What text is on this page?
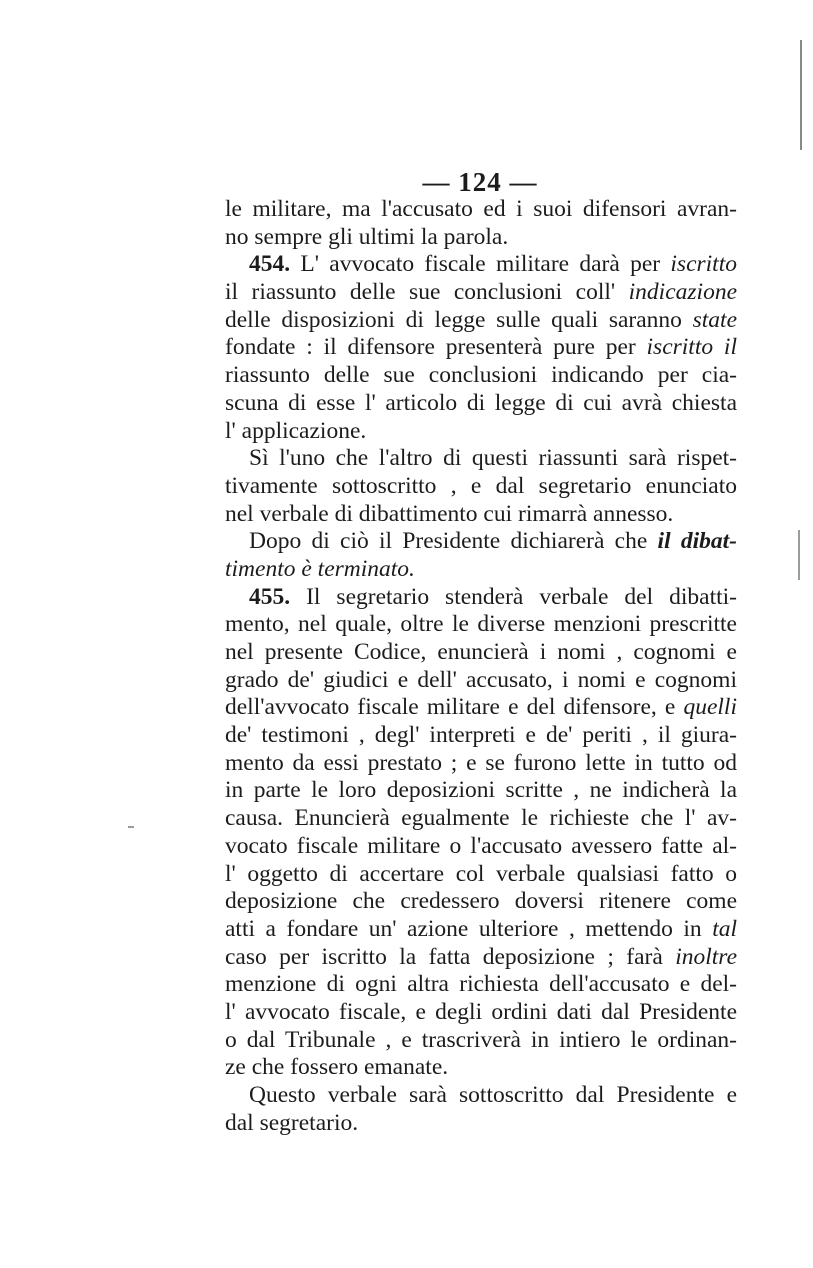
— 124 —
le militare, ma l'accusato ed i suoi difensori avran-
no sempre gli ultimi la parola.
454. L' avvocato fiscale militare darà per iscritto
il riassunto delle sue conclusioni coll' indicazione
delle disposizioni di legge sulle quali saranno state
fondate : il difensore presenterà pure per iscritto il
riassunto delle sue conclusioni indicando per cia-
scuna di esse l' articolo di legge di cui avrà chiesta
l' applicazione.
Sì l'uno che l'altro di questi riassunti sarà rispet-
tivamente sottoscritto , e dal segretario enunciato
nel verbale di dibattimento cui rimarrà annesso.
Dopo di ciò il Presidente dichiarerà che il dibat-
timento è terminato.
455. Il segretario stenderà verbale del dibatti-
mento, nel quale, oltre le diverse menzioni prescritte
nel presente Codice, enuncierà i nomi , cognomi e
grado de' giudici e dell' accusato, i nomi e cognomi
dell'avvocato fiscale militare e del difensore, e quelli
de' testimoni , degl' interpreti e de' periti , il giura-
mento da essi prestato ; e se furono lette in tutto od
in parte le loro deposizioni scritte , ne indicherà la
causa. Enuncierà egualmente le richieste che l' av-
vocato fiscale militare o l'accusato avessero fatte al-
l' oggetto di accertare col verbale qualsiasi fatto o
deposizione che credessero doversi ritenere come
atti a fondare un' azione ulteriore , mettendo in tal
caso per iscritto la fatta deposizione ; farà inoltre
menzione di ogni altra richiesta dell'accusato e del-
l' avvocato fiscale, e degli ordini dati dal Presidente
o dal Tribunale , e trascriverà in intiero le ordinan-
ze che fossero emanate.
Questo verbale sarà sottoscritto dal Presidente e
dal segretario.
